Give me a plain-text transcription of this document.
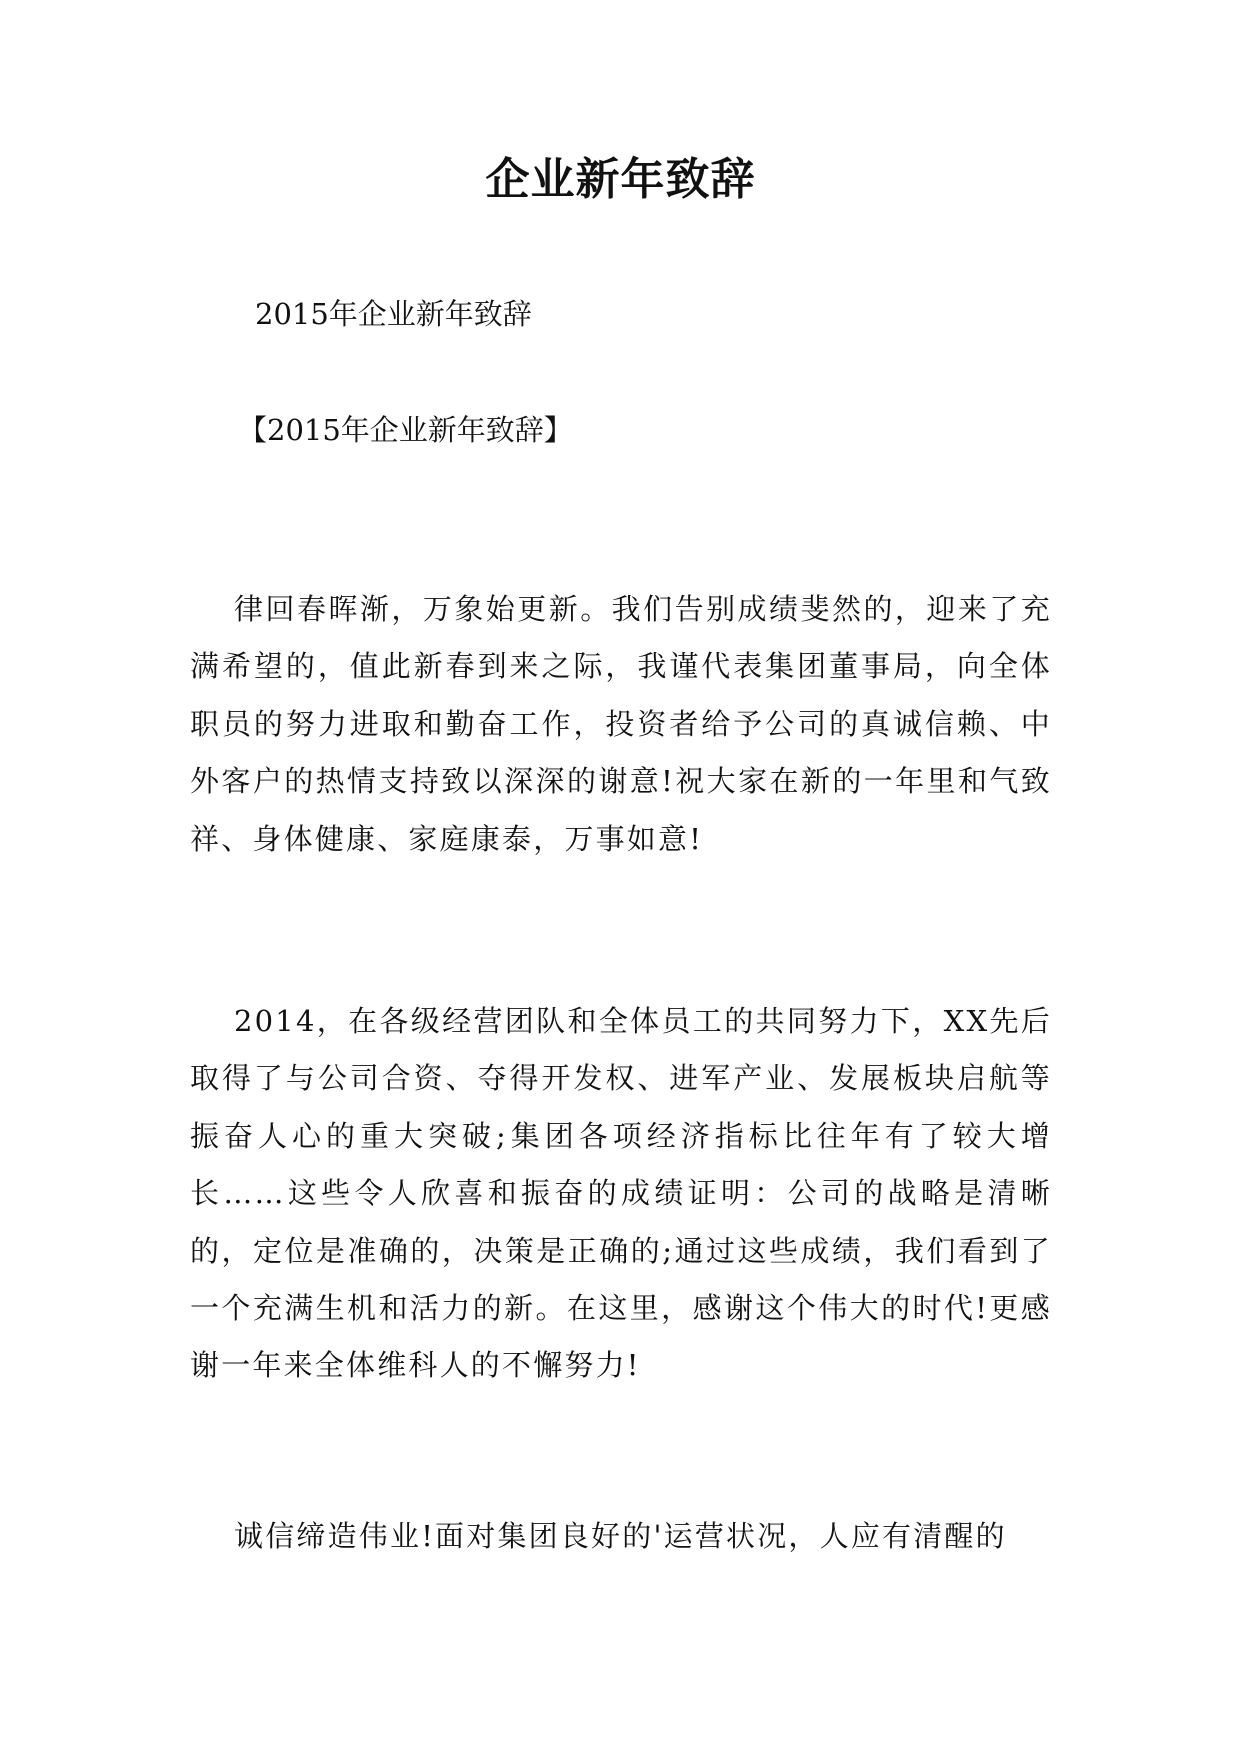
企业新年致辞
2015年企业新年致辞
【2015年企业新年致辞】
律回春晖渐，万象始更新。我们告别成绩斐然的，迎来了充满希望的，值此新春到来之际，我谨代表集团董事局，向全体职员的努力进取和勤奋工作，投资者给予公司的真诚信赖、中外客户的热情支持致以深深的谢意!祝大家在新的一年里和气致祥、身体健康、家庭康泰，万事如意!
2014，在各级经营团队和全体员工的共同努力下，XX先后取得了与公司合资、夺得开发权、进军产业、发展板块启航等振奋人心的重大突破;集团各项经济指标比往年有了较大增长……这些令人欣喜和振奋的成绩证明：公司的战略是清晰的，定位是准确的，决策是正确的;通过这些成绩，我们看到了一个充满生机和活力的新。在这里，感谢这个伟大的时代!更感谢一年来全体维科人的不懈努力!
诚信缔造伟业!面对集团良好的'运营状况，人应有清醒的
